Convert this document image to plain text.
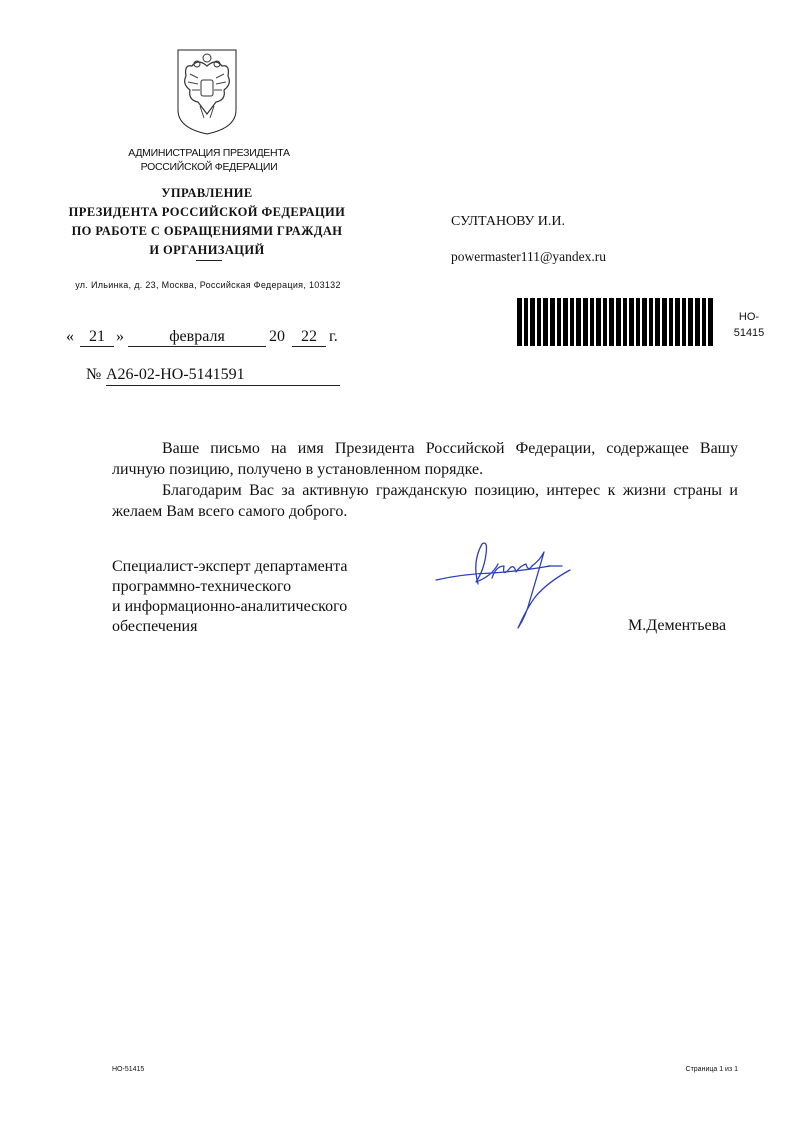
АДМИНИСТРАЦИЯ ПРЕЗИДЕНТА
РОССИЙСКОЙ ФЕДЕРАЦИИ
УПРАВЛЕНИЕ
ПРЕЗИДЕНТА РОССИЙСКОЙ ФЕДЕРАЦИИ
ПО РАБОТЕ С ОБРАЩЕНИЯМИ ГРАЖДАН
И ОРГАНИЗАЦИЙ
ул. Ильинка, д. 23, Москва, Российская Федерация, 103132
СУЛТАНОВУ И.И.
powermaster111@yandex.ru
НО-
51415
« 21 »	февраля	20	22 г.
№ А26-02-НО-5141591

Ваше письмо на имя Президента Российской Федерации, содержащее Вашу личную позицию, получено в установленном порядке.

Благодарим Вас за активную гражданскую позицию, интерес к жизни страны и желаем Вам всего самого доброго.

Специалист-эксперт департамента
программно-технического
и информационно-аналитического
обеспечения	М.Дементьева
НО-51415	Страница 1 из 1
